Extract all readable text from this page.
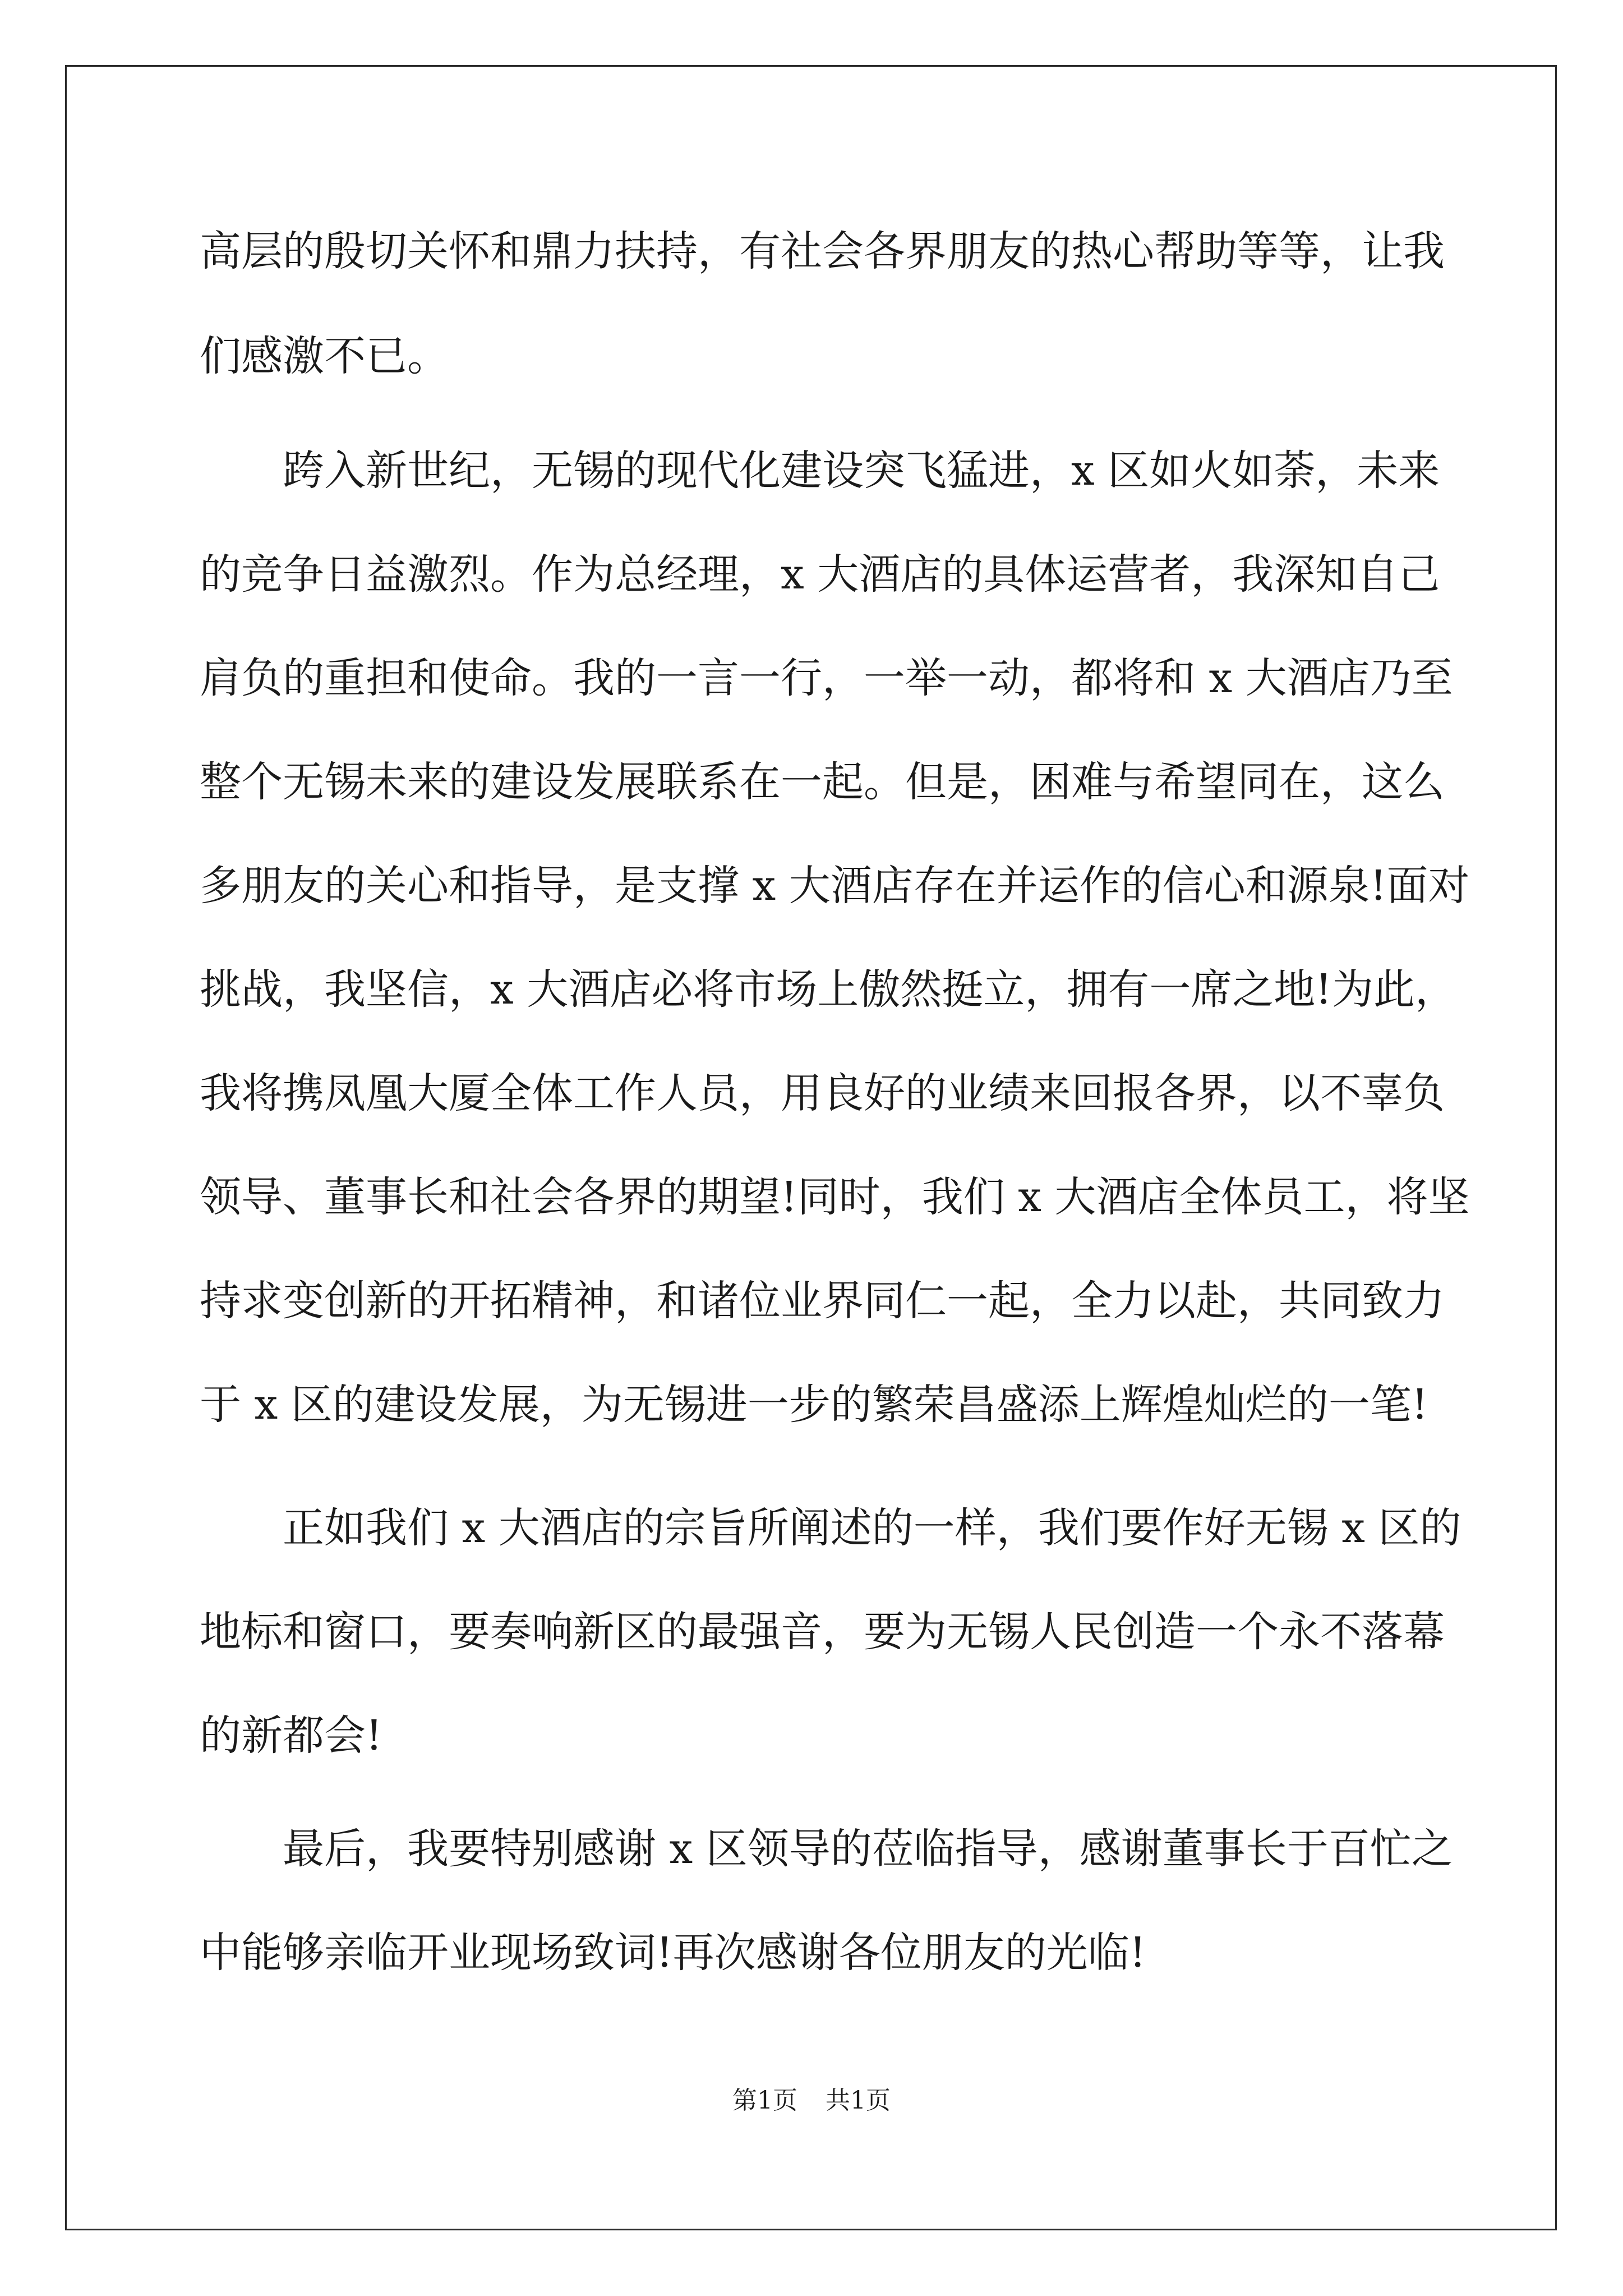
高层的殷切关怀和鼎力扶持，有社会各界朋友的热心帮助等等，让我
们感激不已。
跨入新世纪，无锡的现代化建设突飞猛进，x 区如火如荼，未来
的竞争日益激烈。作为总经理，x 大酒店的具体运营者，我深知自己
肩负的重担和使命。我的一言一行，一举一动，都将和 x 大酒店乃至
整个无锡未来的建设发展联系在一起。但是，困难与希望同在，这么
多朋友的关心和指导，是支撑 x 大酒店存在并运作的信心和源泉!面对
挑战，我坚信，x 大酒店必将市场上傲然挺立，拥有一席之地!为此，
我将携凤凰大厦全体工作人员，用良好的业绩来回报各界，以不辜负
领导、董事长和社会各界的期望!同时，我们 x 大酒店全体员工，将坚
持求变创新的开拓精神，和诸位业界同仁一起，全力以赴，共同致力
于 x 区的建设发展，为无锡进一步的繁荣昌盛添上辉煌灿烂的一笔!
正如我们 x 大酒店的宗旨所阐述的一样，我们要作好无锡 x 区的
地标和窗口，要奏响新区的最强音，要为无锡人民创造一个永不落幕
的新都会!
最后，我要特别感谢 x 区领导的莅临指导，感谢董事长于百忙之
中能够亲临开业现场致词!再次感谢各位朋友的光临!
第1页 共1页
